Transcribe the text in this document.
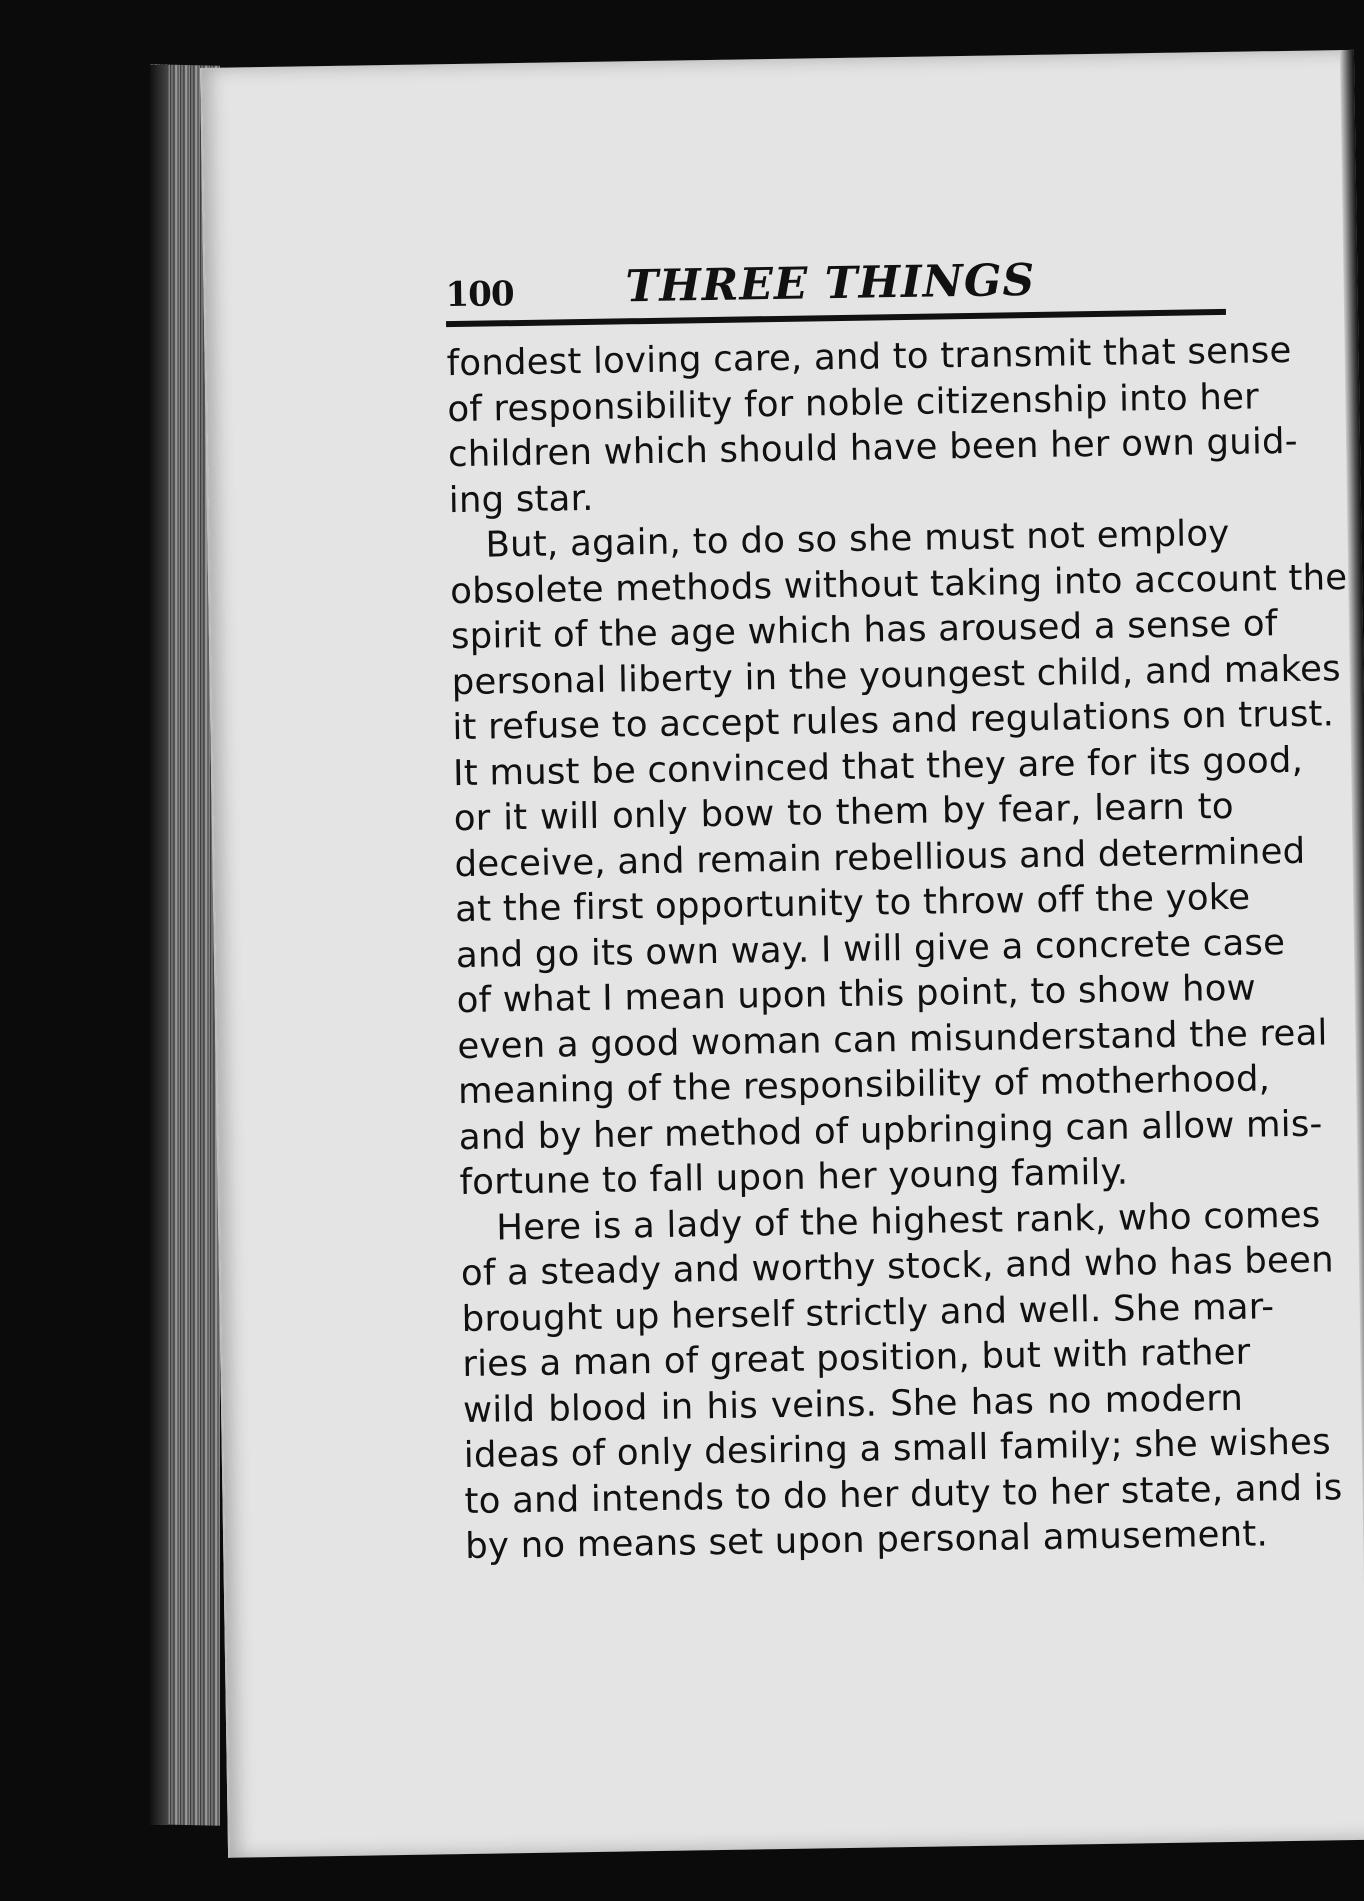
100	THREE THINGS
fondest loving care, and to transmit that sense
of responsibility for noble citizenship into her
children which should have been her own guid-
ing star.
But, again, to do so she must not employ
obsolete methods without taking into account the
spirit of the age which has aroused a sense of
personal liberty in the youngest child, and makes
it refuse to accept rules and regulations on trust.
It must be convinced that they are for its good,
or it will only bow to them by fear, learn to
deceive, and remain rebellious and determined
at the first opportunity to throw off the yoke
and go its own way. I will give a concrete case
of what I mean upon this point, to show how
even a good woman can misunderstand the real
meaning of the responsibility of motherhood,
and by her method of upbringing can allow mis-
fortune to fall upon her young family.
Here is a lady of the highest rank, who comes
of a steady and worthy stock, and who has been
brought up herself strictly and well. She mar-
ries a man of great position, but with rather
wild blood in his veins. She has no modern
ideas of only desiring a small family; she wishes
to and intends to do her duty to her state, and is
by no means set upon personal amusement.
